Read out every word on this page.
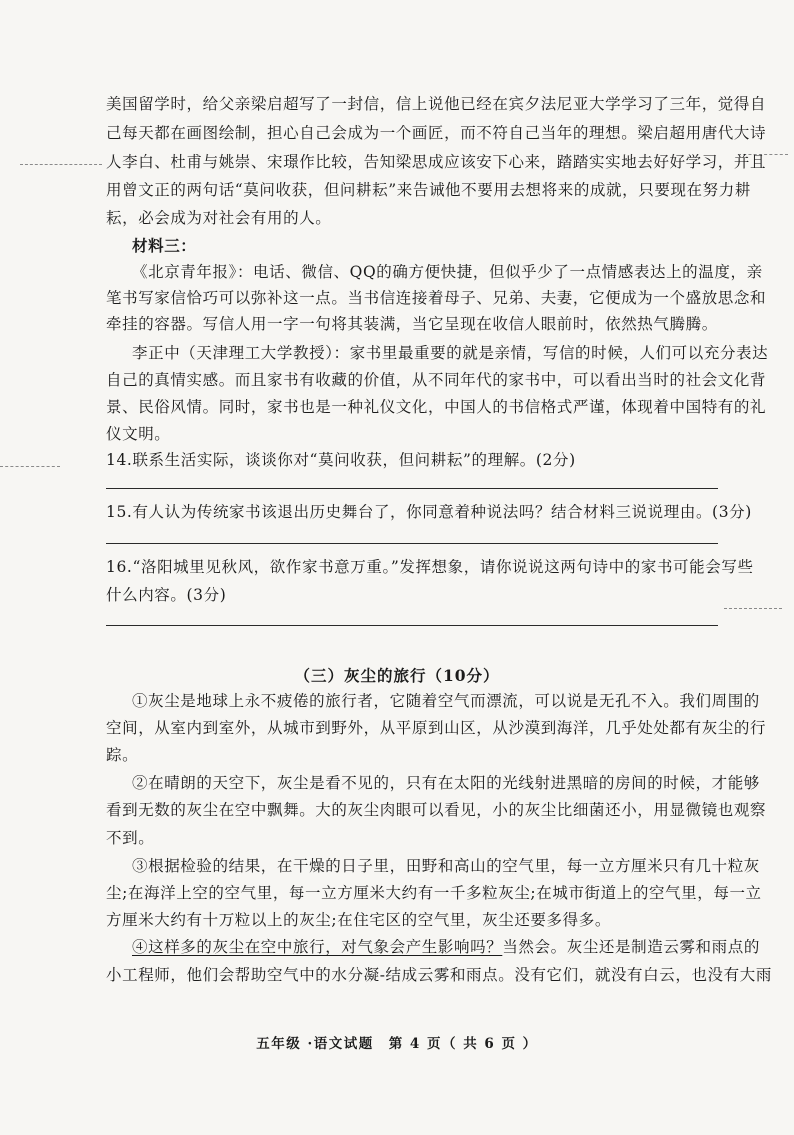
美国留学时，给父亲梁启超写了一封信，信上说他已经在宾夕法尼亚大学学习了三年，觉得自
己每天都在画图绘制，担心自己会成为一个画匠，而不符自己当年的理想。梁启超用唐代大诗
人李白、杜甫与姚崇、宋璟作比较，告知梁思成应该安下心来，踏踏实实地去好好学习，并且
用曾文正的两句话“莫问收获，但问耕耘”来告诫他不要用去想将来的成就，只要现在努力耕
耘，必会成为对社会有用的人。
材料三：
《北京青年报》：电话、微信、QQ的确方便快捷，但似乎少了一点情感表达上的温度，亲
笔书写家信恰巧可以弥补这一点。当书信连接着母子、兄弟、夫妻，它便成为一个盛放思念和
牵挂的容器。写信人用一字一句将其装满，当它呈现在收信人眼前时，依然热气腾腾。
李正中（天津理工大学教授）：家书里最重要的就是亲情，写信的时候，人们可以充分表达
自己的真情实感。而且家书有收藏的价值，从不同年代的家书中，可以看出当时的社会文化背
景、民俗风情。同时，家书也是一种礼仪文化，中国人的书信格式严谨，体现着中国特有的礼
仪文明。
14.联系生活实际，谈谈你对“莫问收获，但问耕耘”的理解。(2分)
15.有人认为传统家书该退出历史舞台了，你同意着种说法吗？结合材料三说说理由。(3分)
16.“洛阳城里见秋风，欲作家书意万重。”发挥想象，请你说说这两句诗中的家书可能会写些
什么内容。(3分)
（三）灰尘的旅行（10分）
①灰尘是地球上永不疲倦的旅行者，它随着空气而漂流，可以说是无孔不入。我们周围的
空间，从室内到室外，从城市到野外，从平原到山区，从沙漠到海洋，几乎处处都有灰尘的行
踪。
②在晴朗的天空下，灰尘是看不见的，只有在太阳的光线射进黑暗的房间的时候，才能够
看到无数的灰尘在空中飘舞。大的灰尘肉眼可以看见，小的灰尘比细菌还小，用显微镜也观察
不到。
③根据检验的结果，在干燥的日子里，田野和高山的空气里，每一立方厘米只有几十粒灰
尘;在海洋上空的空气里，每一立方厘米大约有一千多粒灰尘;在城市街道上的空气里，每一立
方厘米大约有十万粒以上的灰尘;在住宅区的空气里，灰尘还要多得多。
④这样多的灰尘在空中旅行，对气象会产生影响吗？当然会。灰尘还是制造云雾和雨点的
小工程师，他们会帮助空气中的水分凝-结成云雾和雨点。没有它们，就没有白云，也没有大雨
五年级 ·语文试题　第 4 页（ 共 6 页 ）
